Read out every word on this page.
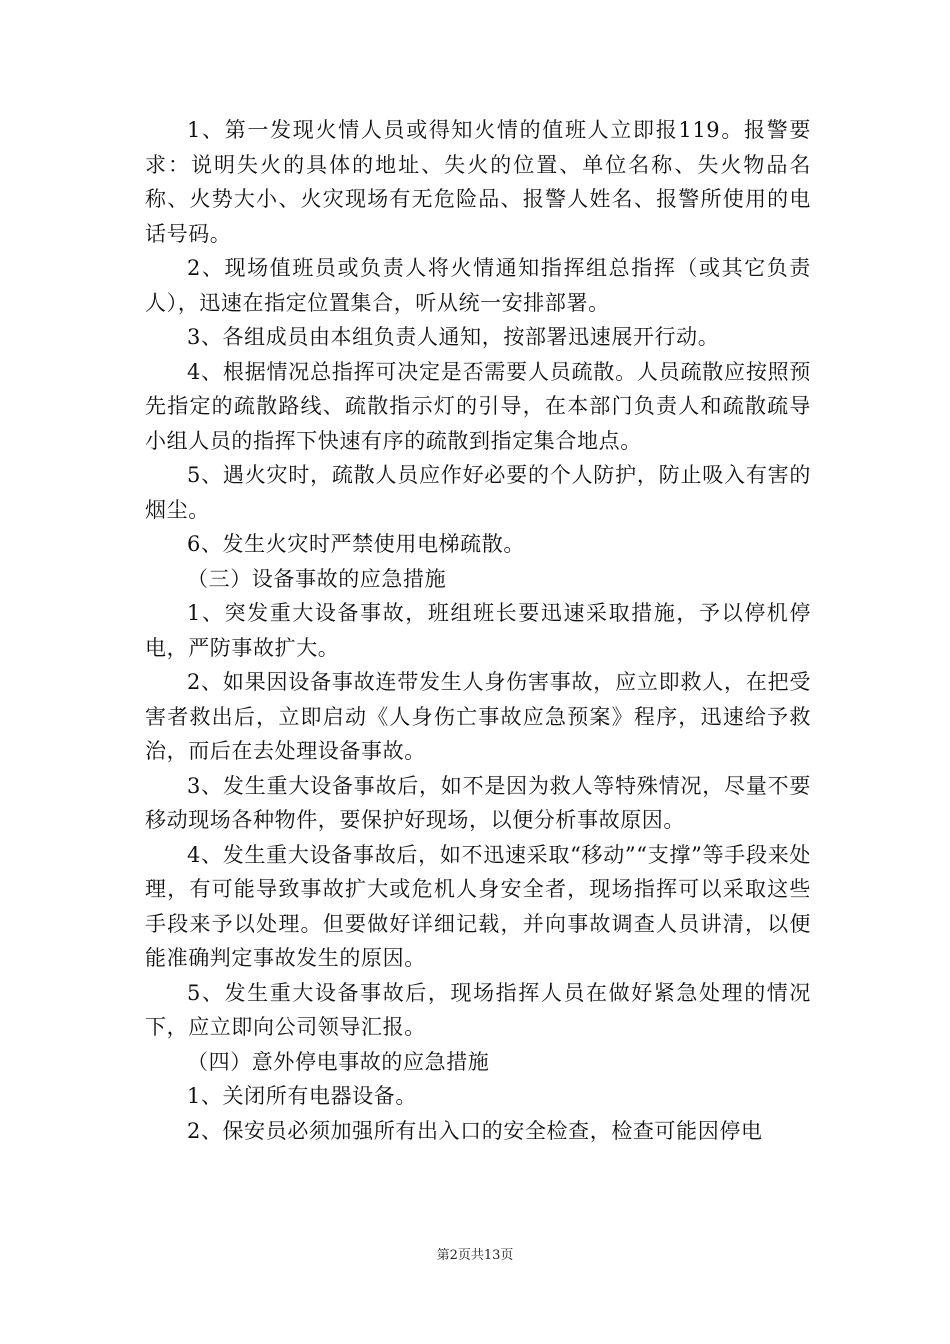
1、第一发现火情人员或得知火情的值班人立即报119。报警要求：说明失火的具体的地址、失火的位置、单位名称、失火物品名称、火势大小、火灾现场有无危险品、报警人姓名、报警所使用的电话号码。

2、现场值班员或负责人将火情通知指挥组总指挥（或其它负责人），迅速在指定位置集合，听从统一安排部署。

3、各组成员由本组负责人通知，按部署迅速展开行动。

4、根据情况总指挥可决定是否需要人员疏散。人员疏散应按照预先指定的疏散路线、疏散指示灯的引导，在本部门负责人和疏散疏导小组人员的指挥下快速有序的疏散到指定集合地点。

5、遇火灾时，疏散人员应作好必要的个人防护，防止吸入有害的烟尘。

6、发生火灾时严禁使用电梯疏散。

（三）设备事故的应急措施

1、突发重大设备事故，班组班长要迅速采取措施，予以停机停电，严防事故扩大。

2、如果因设备事故连带发生人身伤害事故，应立即救人，在把受害者救出后，立即启动《人身伤亡事故应急预案》程序，迅速给予救治，而后在去处理设备事故。

3、发生重大设备事故后，如不是因为救人等特殊情况，尽量不要移动现场各种物件，要保护好现场，以便分析事故原因。

4、发生重大设备事故后，如不迅速采取“移动”“支撑”等手段来处理，有可能导致事故扩大或危机人身安全者，现场指挥可以采取这些手段来予以处理。但要做好详细记载，并向事故调查人员讲清，以便能准确判定事故发生的原因。

5、发生重大设备事故后，现场指挥人员在做好紧急处理的情况下，应立即向公司领导汇报。

（四）意外停电事故的应急措施

1、关闭所有电器设备。

2、保安员必须加强所有出入口的安全检查，检查可能因停电

第2页共13页
